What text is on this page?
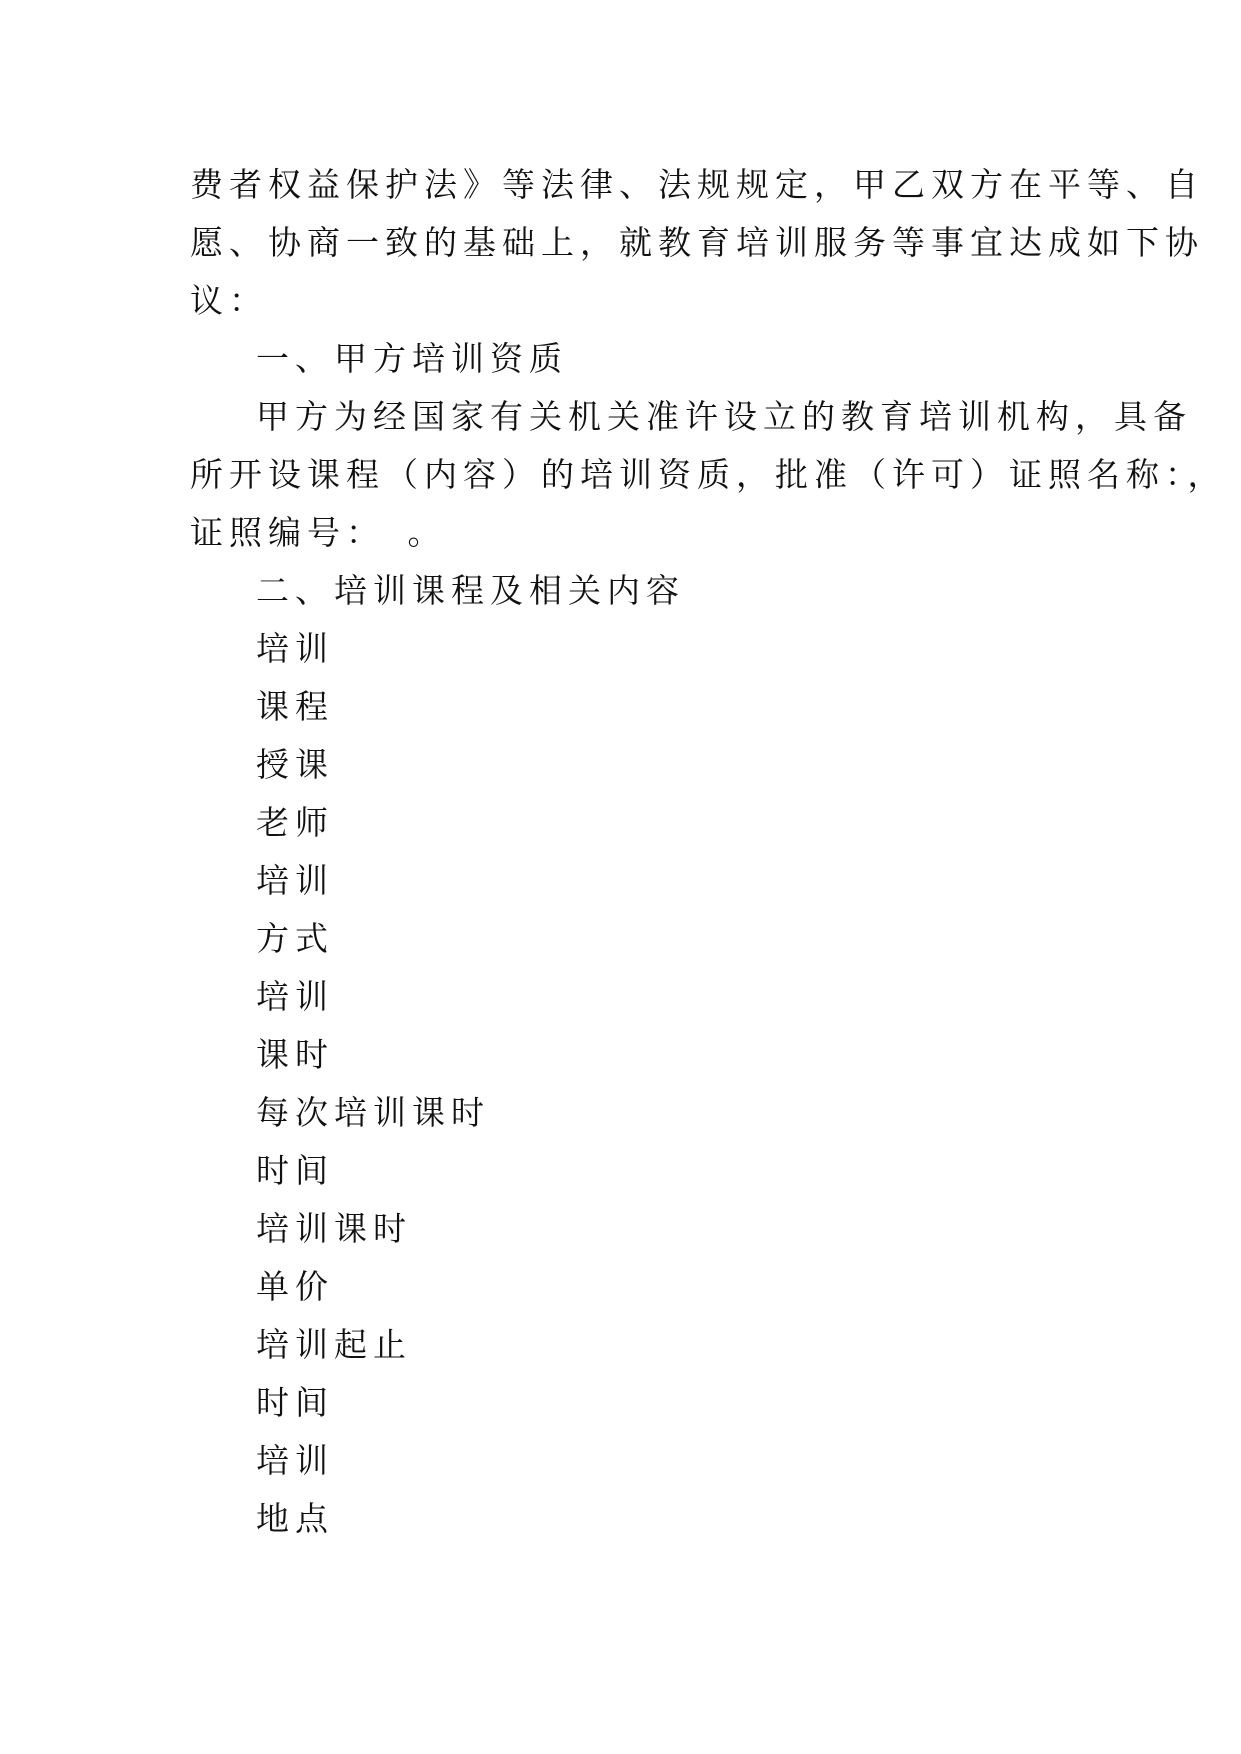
费者权益保护法》等法律、法规规定，甲乙双方在平等、自
愿、协商一致的基础上，就教育培训服务等事宜达成如下协
议：
一、甲方培训资质
甲方为经国家有关机关准许设立的教育培训机构，具备
所开设课程（内容）的培训资质，批准（许可）证照名称：，
证照编号：　。
二、培训课程及相关内容
培训
课程
授课
老师
培训
方式
培训
课时
每次培训课时
时间
培训课时
单价
培训起止
时间
培训
地点
